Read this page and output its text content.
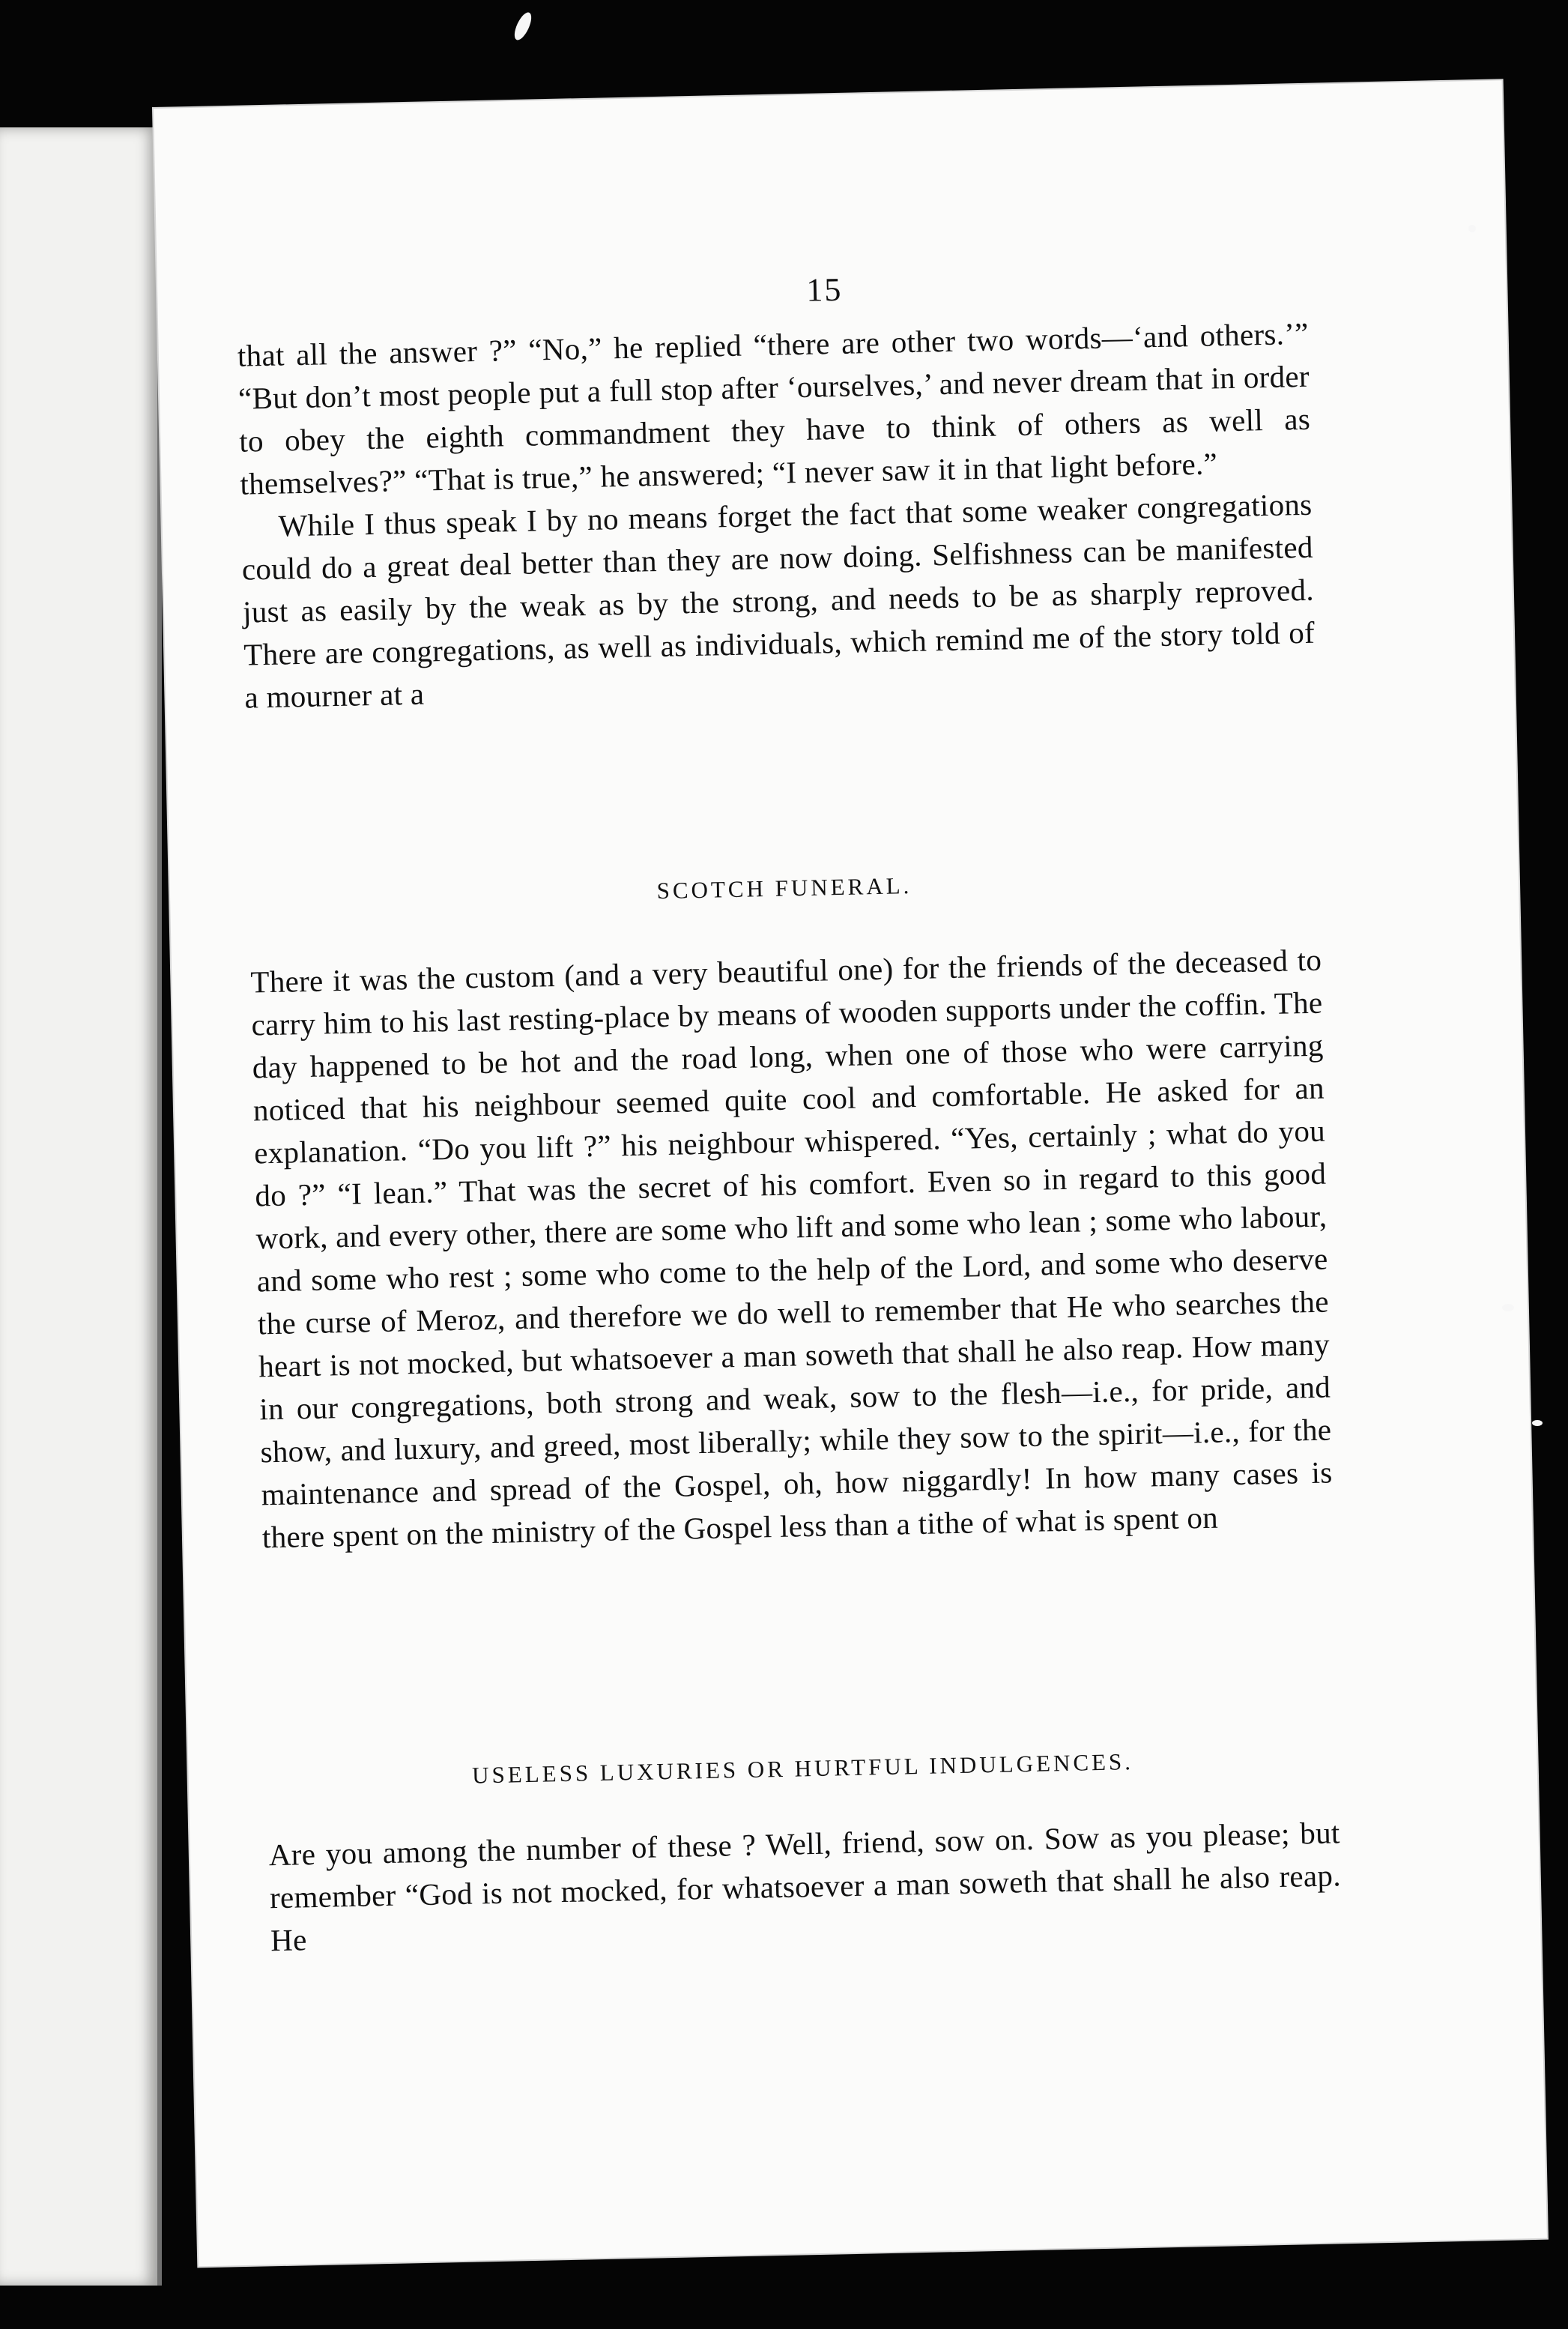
15

that all the answer ?” “No,” he replied “there are other two words—‘and others.’” “But don’t most people put a full stop after ‘ourselves,’ and never dream that in order to obey the eighth commandment they have to think of others as well as themselves?” “That is true,” he answered; “I never saw it in that light before.”

While I thus speak I by no means forget the fact that some weaker congregations could do a great deal better than they are now doing. Selfishness can be manifested just as easily by the weak as by the strong, and needs to be as sharply reproved. There are congregations, as well as individuals, which remind me of the story told of a mourner at a

SCOTCH FUNERAL.

There it was the custom (and a very beautiful one) for the friends of the deceased to carry him to his last resting-place by means of wooden supports under the coffin. The day happened to be hot and the road long, when one of those who were carrying noticed that his neighbour seemed quite cool and comfortable. He asked for an explanation. “Do you lift ?” his neighbour whispered. “Yes, certainly ; what do you do ?” “I lean.” That was the secret of his comfort. Even so in regard to this good work, and every other, there are some who lift and some who lean ; some who labour, and some who rest ; some who come to the help of the Lord, and some who deserve the curse of Meroz, and therefore we do well to remember that He who searches the heart is not mocked, but whatsoever a man soweth that shall he also reap. How many in our congregations, both strong and weak, sow to the flesh—i.e., for pride, and show, and luxury, and greed, most liberally; while they sow to the spirit—i.e., for the maintenance and spread of the Gospel, oh, how niggardly! In how many cases is there spent on the ministry of the Gospel less than a tithe of what is spent on

USELESS LUXURIES OR HURTFUL INDULGENCES.

Are you among the number of these ? Well, friend, sow on. Sow as you please; but remember “God is not mocked, for whatsoever a man soweth that shall he also reap. He
